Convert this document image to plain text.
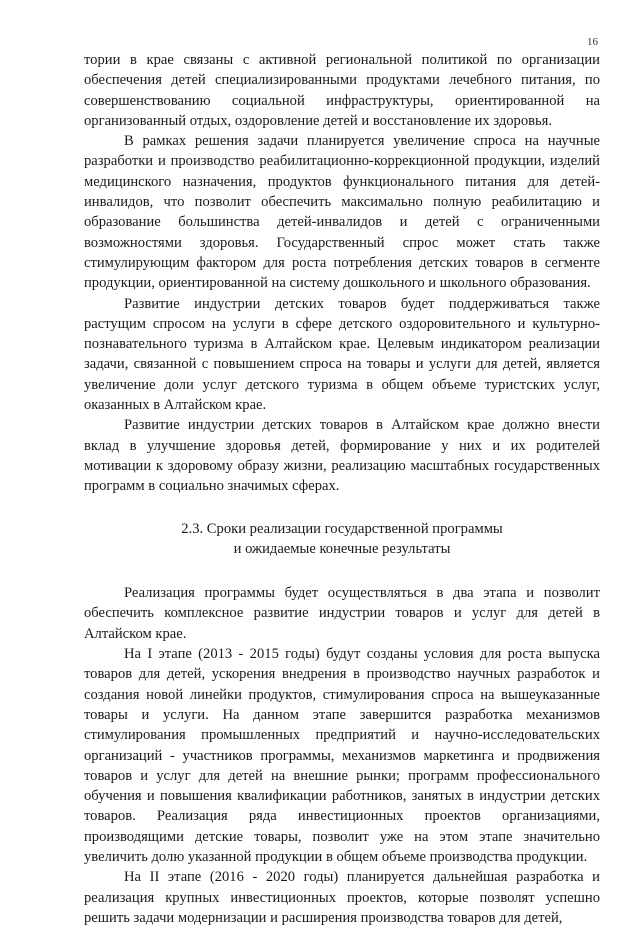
16

тории в крае связаны с активной региональной политикой по организации обеспечения детей специализированными продуктами лечебного питания, по совершенствованию социальной инфраструктуры, ориентированной на организованный отдых, оздоровление детей и восстановление их здоровья.

В рамках решения задачи планируется увеличение спроса на научные разработки и производство реабилитационно-коррекционной продукции, изделий медицинского назначения, продуктов функционального питания для детей-инвалидов, что позволит обеспечить максимально полную реабилитацию и образование большинства детей-инвалидов и детей с ограниченными возможностями здоровья. Государственный спрос может стать также стимулирующим фактором для роста потребления детских товаров в сегменте продукции, ориентированной на систему дошкольного и школьного образования.

Развитие индустрии детских товаров будет поддерживаться также растущим спросом на услуги в сфере детского оздоровительного и культурно-познавательного туризма в Алтайском крае. Целевым индикатором реализации задачи, связанной с повышением спроса на товары и услуги для детей, является увеличение доли услуг детского туризма в общем объеме туристских услуг, оказанных в Алтайском крае.

Развитие индустрии детских товаров в Алтайском крае должно внести вклад в улучшение здоровья детей, формирование у них и их родителей мотивации к здоровому образу жизни, реализацию масштабных государственных программ в социально значимых сферах.

2.3. Сроки реализации государственной программы
и ожидаемые конечные результаты

Реализация программы будет осуществляться в два этапа и позволит обеспечить комплексное развитие индустрии товаров и услуг для детей в Алтайском крае.

На I этапе (2013 - 2015 годы) будут созданы условия для роста выпуска товаров для детей, ускорения внедрения в производство научных разработок и создания новой линейки продуктов, стимулирования спроса на вышеуказанные товары и услуги. На данном этапе завершится разработка механизмов стимулирования промышленных предприятий и научно-исследовательских организаций - участников программы, механизмов маркетинга и продвижения товаров и услуг для детей на внешние рынки; программ профессионального обучения и повышения квалификации работников, занятых в индустрии детских товаров. Реализация ряда инвестиционных проектов организациями, производящими детские товары, позволит уже на этом этапе значительно увеличить долю указанной продукции в общем объеме производства продукции.

На II этапе (2016 - 2020 годы) планируется дальнейшая разработка и реализация крупных инвестиционных проектов, которые позволят успешно решить задачи модернизации и расширения производства товаров для детей,
